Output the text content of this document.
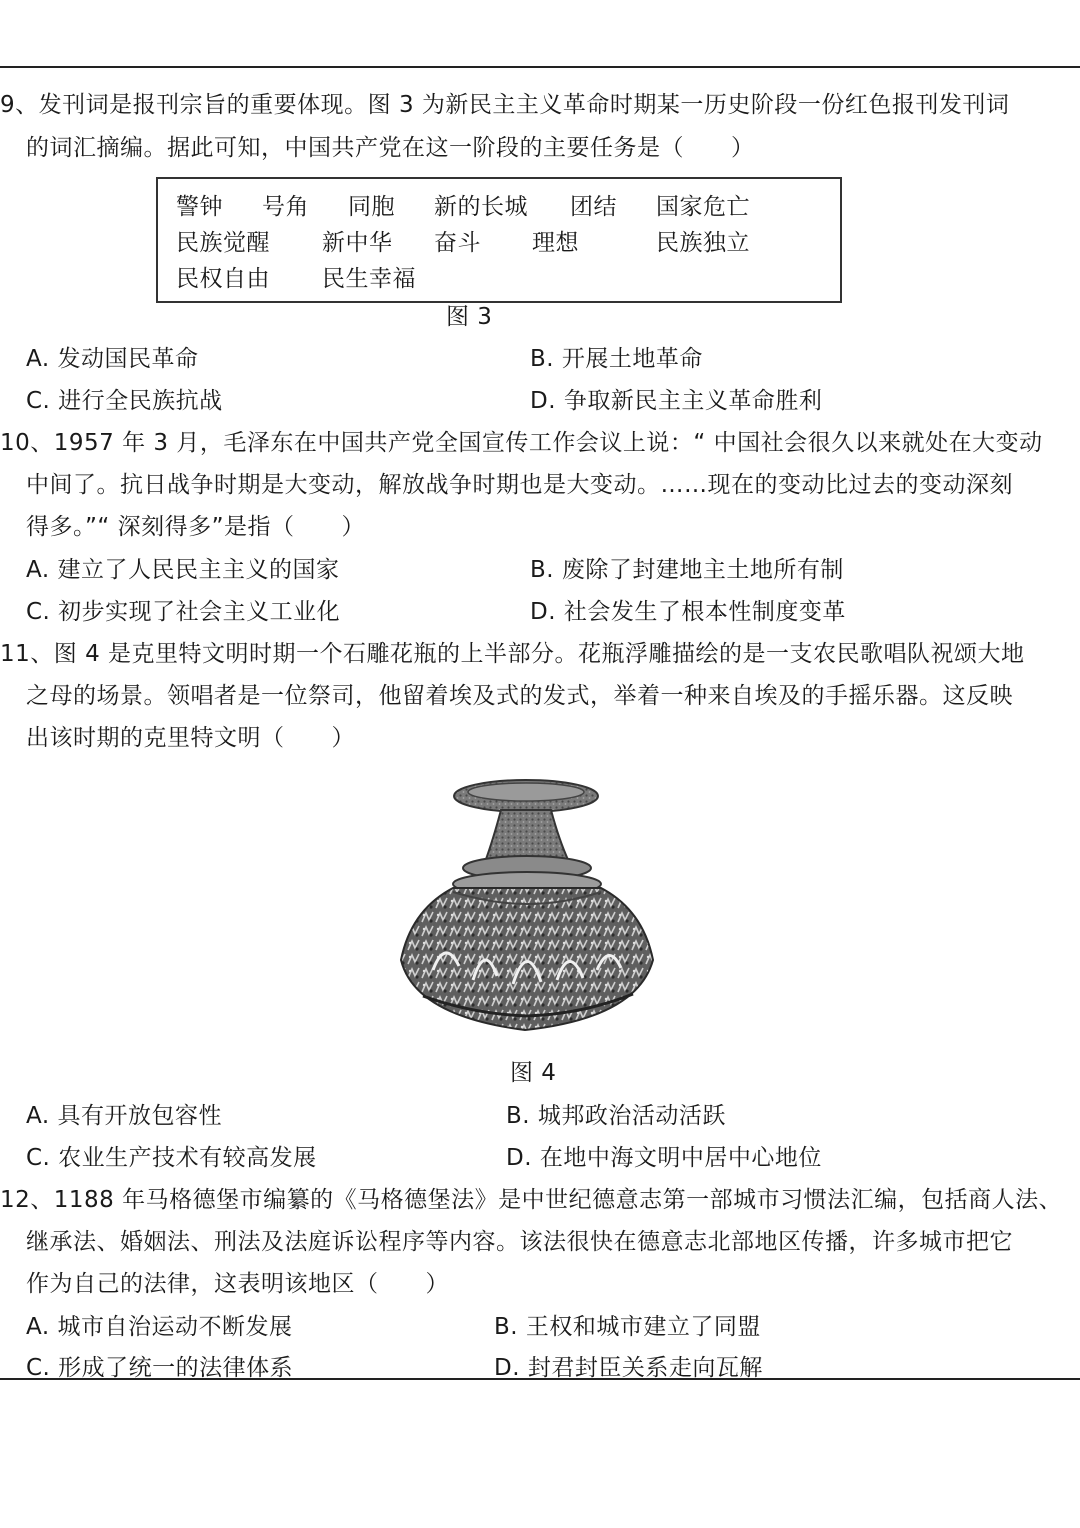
9、发刊词是报刊宗旨的重要体现。图 3 为新民主主义革命时期某一历史阶段一份红色报刊发刊词
的词汇摘编。据此可知，中国共产党在这一阶段的主要任务是（　　）
警钟 号角 同胞 新的长城 团结 国家危亡
民族觉醒 新中华 奋斗 理想	民族独立
民权自由 民生幸福
图 3
A. 发动国民革命	B. 开展土地革命
C. 进行全民族抗战	D. 争取新民主主义革命胜利
10、1957 年 3 月，毛泽东在中国共产党全国宣传工作会议上说：“ 中国社会很久以来就处在大变动
中间了。抗日战争时期是大变动，解放战争时期也是大变动。……现在的变动比过去的变动深刻
得多。”“ 深刻得多”是指（　　）
A. 建立了人民民主主义的国家	B. 废除了封建地主土地所有制
C. 初步实现了社会主义工业化	D. 社会发生了根本性制度变革
11、图 4 是克里特文明时期一个石雕花瓶的上半部分。花瓶浮雕描绘的是一支农民歌唱队祝颂大地
之母的场景。领唱者是一位祭司，他留着埃及式的发式，举着一种来自埃及的手摇乐器。这反映
出该时期的克里特文明（　　）
图 4
A. 具有开放包容性	B. 城邦政治活动活跃
C. 农业生产技术有较高发展	D. 在地中海文明中居中心地位
12、1188 年马格德堡市编纂的《马格德堡法》是中世纪德意志第一部城市习惯法汇编，包括商人法、
继承法、婚姻法、刑法及法庭诉讼程序等内容。该法很快在德意志北部地区传播，许多城市把它
作为自己的法律，这表明该地区（　　）
A. 城市自治运动不断发展	B. 王权和城市建立了同盟
C. 形成了统一的法律体系	D. 封君封臣关系走向瓦解
